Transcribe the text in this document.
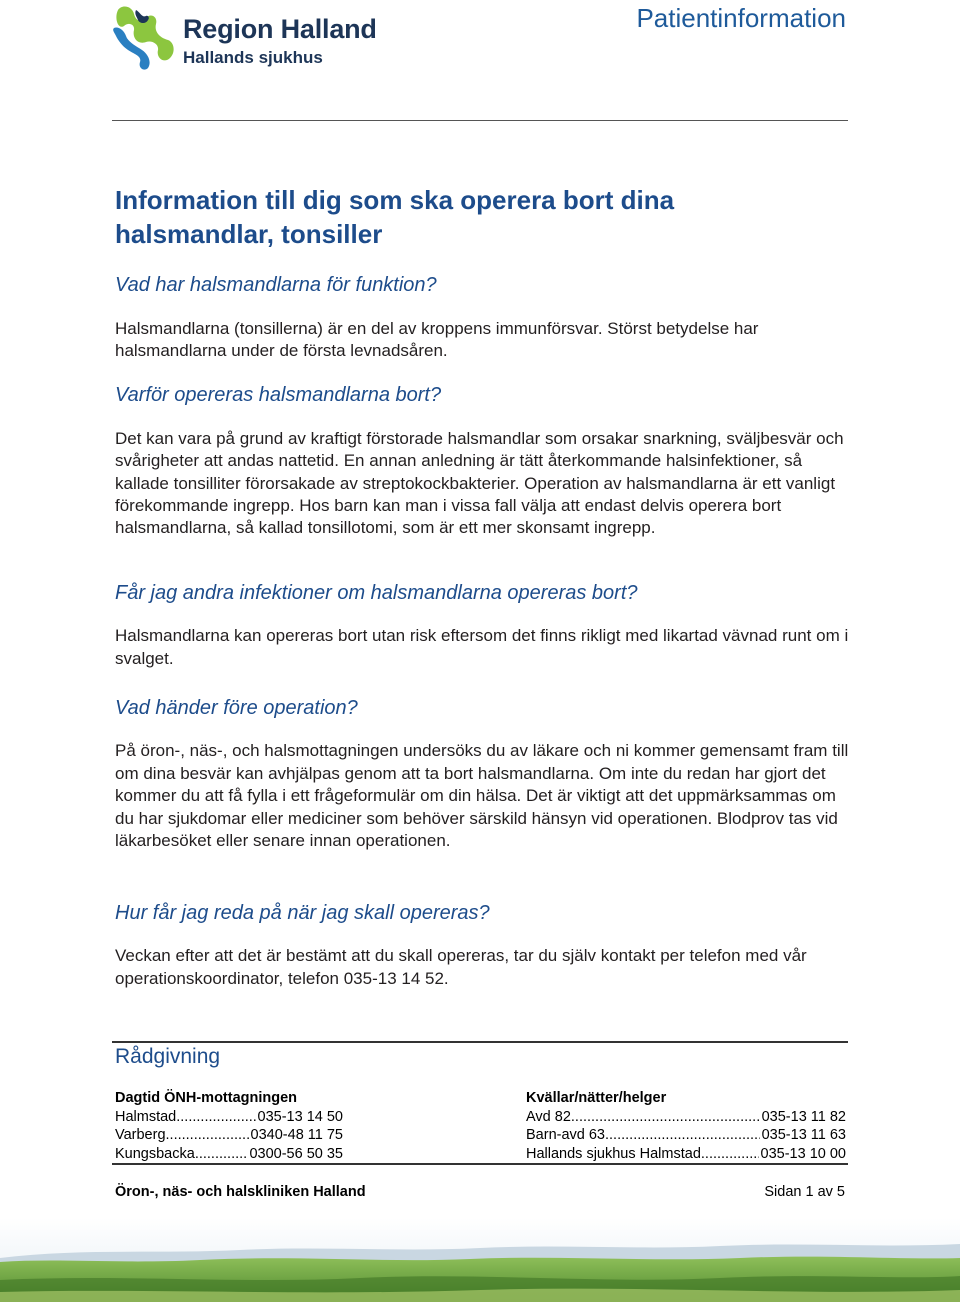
Region Halland
Hallands sjukhus
Patientinformation
Information till dig som ska operera bort dina halsmandlar, tonsiller
Vad har halsmandlarna för funktion?
Halsmandlarna (tonsillerna) är en del av kroppens immunförsvar. Störst betydelse har halsmandlarna under de första levnadsåren.
Varför opereras halsmandlarna bort?
Det kan vara på grund av kraftigt förstorade halsmandlar som orsakar snarkning, sväljbesvär och svårigheter att andas nattetid. En annan anledning är tätt återkommande halsinfektioner, så kallade tonsilliter förorsakade av streptokockbakterier. Operation av halsmandlarna är ett vanligt förekommande ingrepp. Hos barn kan man i vissa fall välja att endast delvis operera bort halsmandlarna, så kallad tonsillotomi, som är ett mer skonsamt ingrepp.
Får jag andra infektioner om halsmandlarna opereras bort?
Halsmandlarna kan opereras bort utan risk eftersom det finns rikligt med likartad vävnad runt om i svalget.
Vad händer före operation?
På öron-, näs-, och halsmottagningen undersöks du av läkare och ni kommer gemensamt fram till om dina besvär kan avhjälpas genom att ta bort halsmandlarna. Om inte du redan har gjort det kommer du att få fylla i ett frågeformulär om din hälsa. Det är viktigt att det uppmärksammas om du har sjukdomar eller mediciner som behöver särskild hänsyn vid operationen. Blodprov tas vid läkarbesöket eller senare innan operationen.
Hur får jag reda på när jag skall opereras?
Veckan efter att det är bestämt att du skall opereras, tar du själv kontakt per telefon med vår operationskoordinator, telefon 035-13 14 52.
Rådgivning
Dagtid ÖNH-mottagningen
Halmstad .....	035-13 14 50
Varberg .....	0340-48 11 75
Kungsbacka .....	0300-56 50 35
Kvällar/nätter/helger
Avd 82 .....	035-13 11 82
Barn-avd 63 .....	035-13 11 63
Hallands sjukhus Halmstad .....	035-13 10 00
Öron-, näs- och halskliniken Halland	Sidan 1 av 5
